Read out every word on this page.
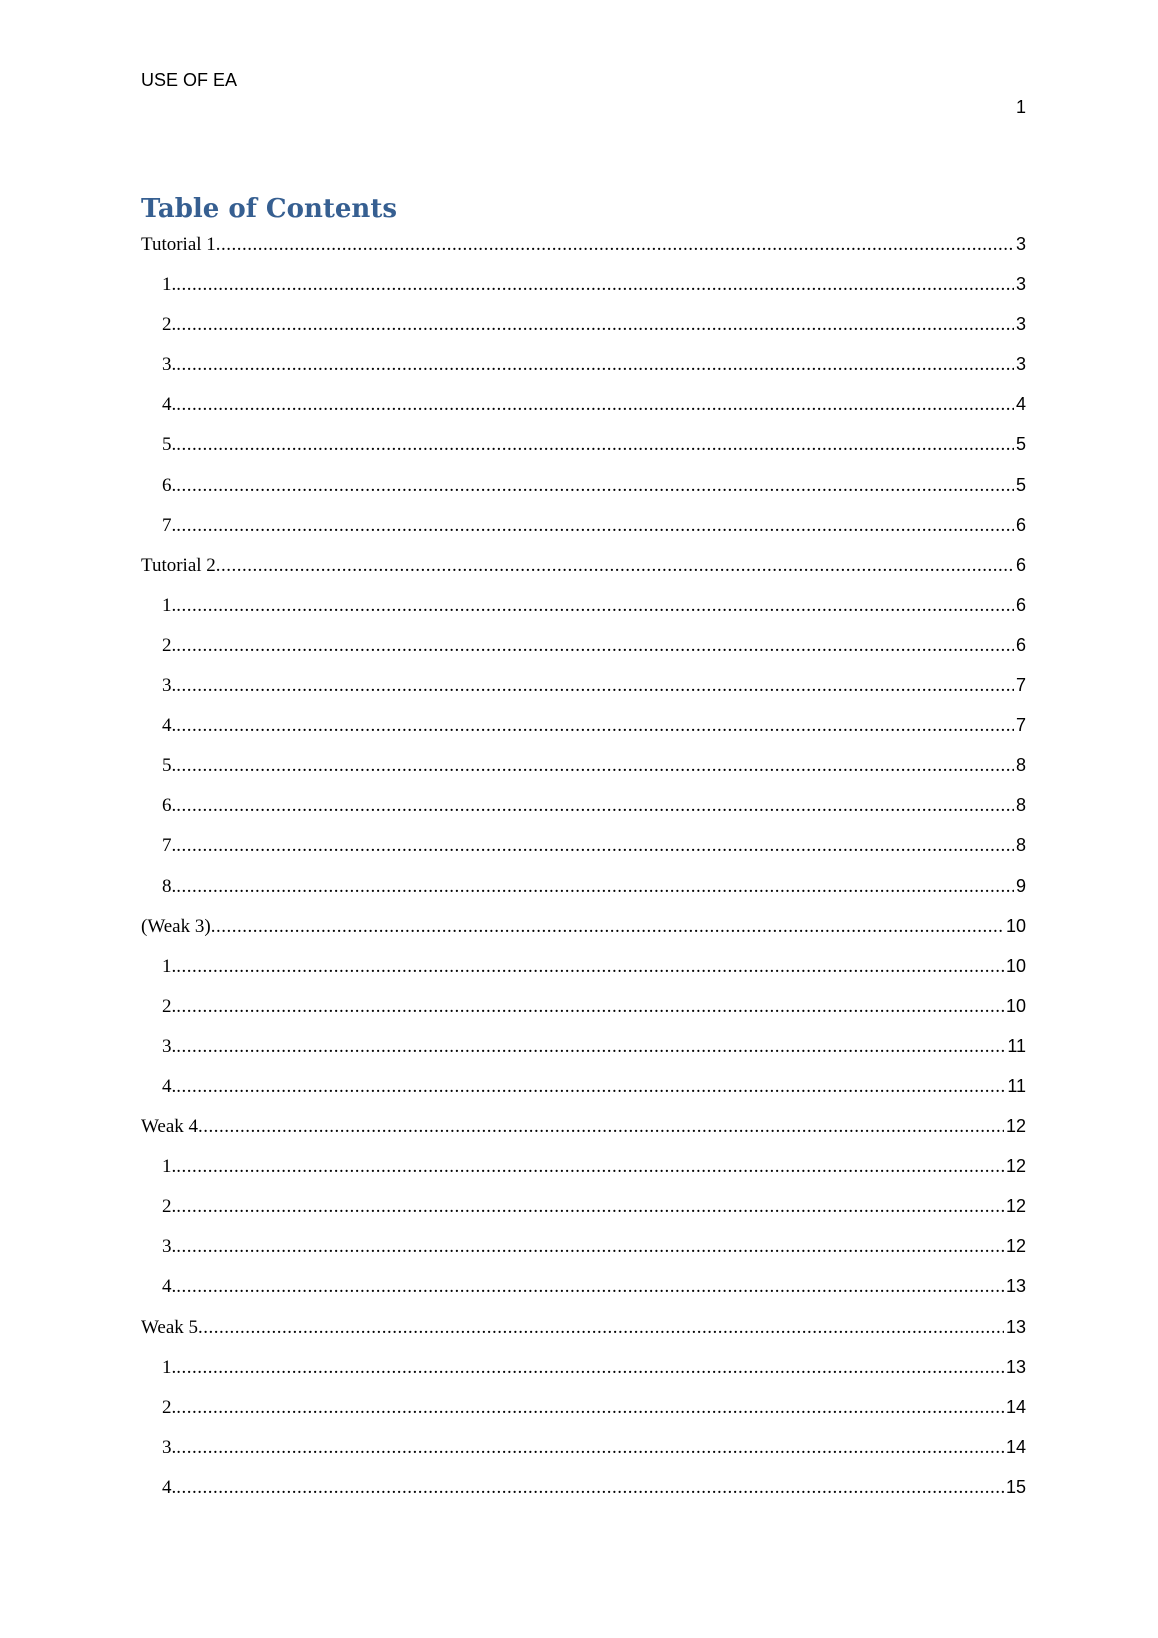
USE OF EA
1
Table of Contents
Tutorial 1 .....	3
1. .....	3
2. .....	3
3. .....	3
4. .....	4
5. .....	5
6. .....	5
7. .....	6
Tutorial 2 .....	6
1. .....	6
2. .....	6
3. .....	7
4. .....	7
5. .....	8
6. .....	8
7. .....	8
8. .....	9
(Weak 3) .....	10
1. .....	10
2. .....	10
3. .....	11
4. .....	11
Weak 4 .....	12
1. .....	12
2. .....	12
3. .....	12
4. .....	13
Weak 5 .....	13
1. .....	13
2. .....	14
3. .....	14
4. .....	15
